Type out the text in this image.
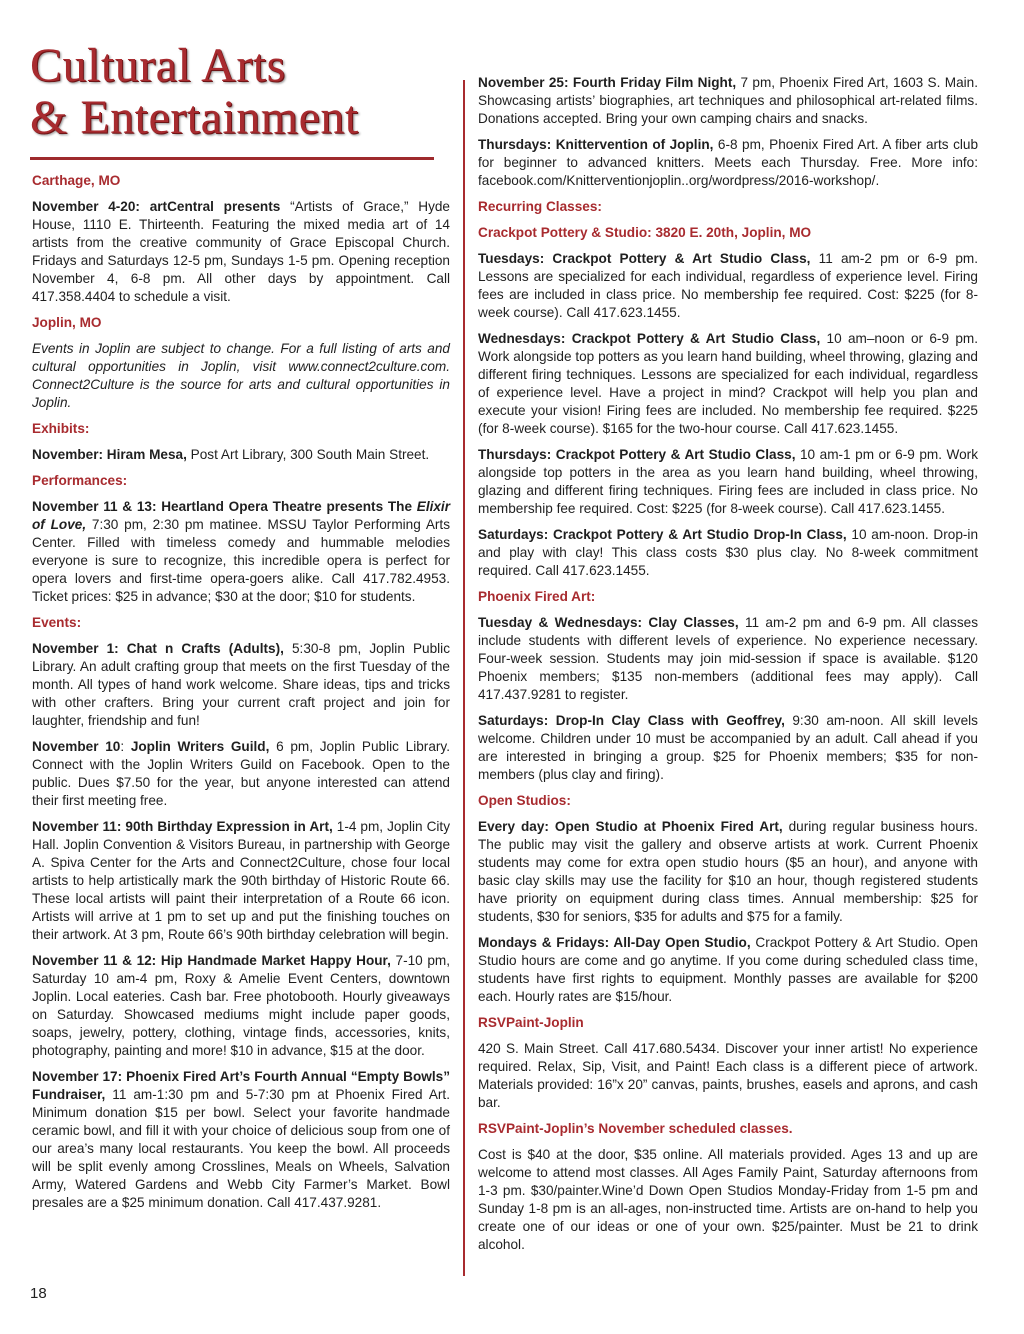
Cultural Arts
& Entertainment
Carthage, MO

November 4-20: artCentral presents “Artists of Grace,” Hyde House, 1110 E. Thirteenth. Featuring the mixed media art of 14 artists from the creative community of Grace Episcopal Church. Fridays and Saturdays 12-5 pm, Sundays 1-5 pm. Opening reception November 4, 6-8 pm. All other days by appointment. Call 417.358.4404 to schedule a visit.

Joplin, MO

Events in Joplin are subject to change. For a full listing of arts and cultural opportunities in Joplin, visit www.connect2culture.com. Connect2Culture is the source for arts and cultural opportunities in Joplin.

Exhibits:

November: Hiram Mesa, Post Art Library, 300 South Main Street.

Performances:

November 11 & 13: Heartland Opera Theatre presents The Elixir of Love, 7:30 pm, 2:30 pm matinee. MSSU Taylor Performing Arts Center. Filled with timeless comedy and hummable melodies everyone is sure to recognize, this incredible opera is perfect for opera lovers and first-time opera-goers alike. Call 417.782.4953. Ticket prices: $25 in advance; $30 at the door; $10 for students.

Events:

November 1: Chat n Crafts (Adults), 5:30-8 pm, Joplin Public Library. An adult crafting group that meets on the first Tuesday of the month. All types of hand work welcome. Share ideas, tips and tricks with other crafters. Bring your current craft project and join for laughter, friendship and fun!

November 10: Joplin Writers Guild, 6 pm, Joplin Public Library. Connect with the Joplin Writers Guild on Facebook. Open to the public. Dues $7.50 for the year, but anyone interested can attend their first meeting free.

November 11: 90th Birthday Expression in Art, 1-4 pm, Joplin City Hall. Joplin Convention & Visitors Bureau, in partnership with George A. Spiva Center for the Arts and Connect2Culture, chose four local artists to help artistically mark the 90th birthday of Historic Route 66. These local artists will paint their interpretation of a Route 66 icon. Artists will arrive at 1 pm to set up and put the finishing touches on their artwork. At 3 pm, Route 66’s 90th birthday celebration will begin.

November 11 & 12: Hip Handmade Market Happy Hour, 7-10 pm, Saturday 10 am-4 pm, Roxy & Amelie Event Centers, downtown Joplin. Local eateries. Cash bar. Free photobooth. Hourly giveaways on Saturday. Showcased mediums might include paper goods, soaps, jewelry, pottery, clothing, vintage finds, accessories, knits, photography, painting and more! $10 in advance, $15 at the door.

November 17: Phoenix Fired Art’s Fourth Annual “Empty Bowls” Fundraiser, 11 am-1:30 pm and 5-7:30 pm at Phoenix Fired Art. Minimum donation $15 per bowl. Select your favorite handmade ceramic bowl, and fill it with your choice of delicious soup from one of our area’s many local restaurants. You keep the bowl. All proceeds will be split evenly among Crosslines, Meals on Wheels, Salvation Army, Watered Gardens and Webb City Farmer’s Market. Bowl presales are a $25 minimum donation. Call 417.437.9281.

November 25: Fourth Friday Film Night, 7 pm, Phoenix Fired Art, 1603 S. Main. Showcasing artists’ biographies, art techniques and philosophical art-related films. Donations accepted. Bring your own camping chairs and snacks.

Thursdays: Knittervention of Joplin, 6-8 pm, Phoenix Fired Art. A fiber arts club for beginner to advanced knitters. Meets each Thursday. Free. More info: facebook.com/Knitterventionjoplin..org/wordpress/2016-workshop/.

Recurring Classes:
Crackpot Pottery & Studio: 3820 E. 20th, Joplin, MO

Tuesdays: Crackpot Pottery & Art Studio Class, 11 am-2 pm or 6-9 pm. Lessons are specialized for each individual, regardless of experience level. Firing fees are included in class price. No membership fee required. Cost: $225 (for 8-week course). Call 417.623.1455.

Wednesdays: Crackpot Pottery & Art Studio Class, 10 am–noon or 6-9 pm. Work alongside top potters as you learn hand building, wheel throwing, glazing and different firing techniques. Lessons are specialized for each individual, regardless of experience level. Have a project in mind? Crackpot will help you plan and execute your vision! Firing fees are included. No membership fee required. $225 (for 8-week course). $165 for the two-hour course. Call 417.623.1455.

Thursdays: Crackpot Pottery & Art Studio Class, 10 am-1 pm or 6-9 pm. Work alongside top potters in the area as you learn hand building, wheel throwing, glazing and different firing techniques. Firing fees are included in class price. No membership fee required. Cost: $225 (for 8-week course). Call 417.623.1455.

Saturdays: Crackpot Pottery & Art Studio Drop-In Class, 10 am-noon. Drop-in and play with clay! This class costs $30 plus clay. No 8-week commitment required. Call 417.623.1455.

Phoenix Fired Art:

Tuesday & Wednesdays: Clay Classes, 11 am-2 pm and 6-9 pm. All classes include students with different levels of experience. No experience necessary. Four-week session. Students may join mid-session if space is available. $120 Phoenix members; $135 non-members (additional fees may apply). Call 417.437.9281 to register.

Saturdays: Drop-In Clay Class with Geoffrey, 9:30 am-noon. All skill levels welcome. Children under 10 must be accompanied by an adult. Call ahead if you are interested in bringing a group. $25 for Phoenix members; $35 for non-members (plus clay and firing).

Open Studios:

Every day: Open Studio at Phoenix Fired Art, during regular business hours. The public may visit the gallery and observe artists at work. Current Phoenix students may come for extra open studio hours ($5 an hour), and anyone with basic clay skills may use the facility for $10 an hour, though registered students have priority on equipment during class times. Annual membership: $25 for students, $30 for seniors, $35 for adults and $75 for a family.

Mondays & Fridays: All-Day Open Studio, Crackpot Pottery & Art Studio. Open Studio hours are come and go anytime. If you come during scheduled class time, students have first rights to equipment. Monthly passes are available for $200 each. Hourly rates are $15/hour.

RSVPaint-Joplin

420 S. Main Street. Call 417.680.5434. Discover your inner artist! No experience required. Relax, Sip, Visit, and Paint! Each class is a different piece of artwork. Materials provided: 16”x 20” canvas, paints, brushes, easels and aprons, and cash bar.

RSVPaint-Joplin’s November scheduled classes.

Cost is $40 at the door, $35 online. All materials provided. Ages 13 and up are welcome to attend most classes. All Ages Family Paint, Saturday afternoons from 1-3 pm. $30/painter.Wine’d Down Open Studios Monday-Friday from 1-5 pm and Sunday 1-8 pm is an all-ages, non-instructed time. Artists are on-hand to help you create one of our ideas or one of your own. $25/painter. Must be 21 to drink alcohol.

18
